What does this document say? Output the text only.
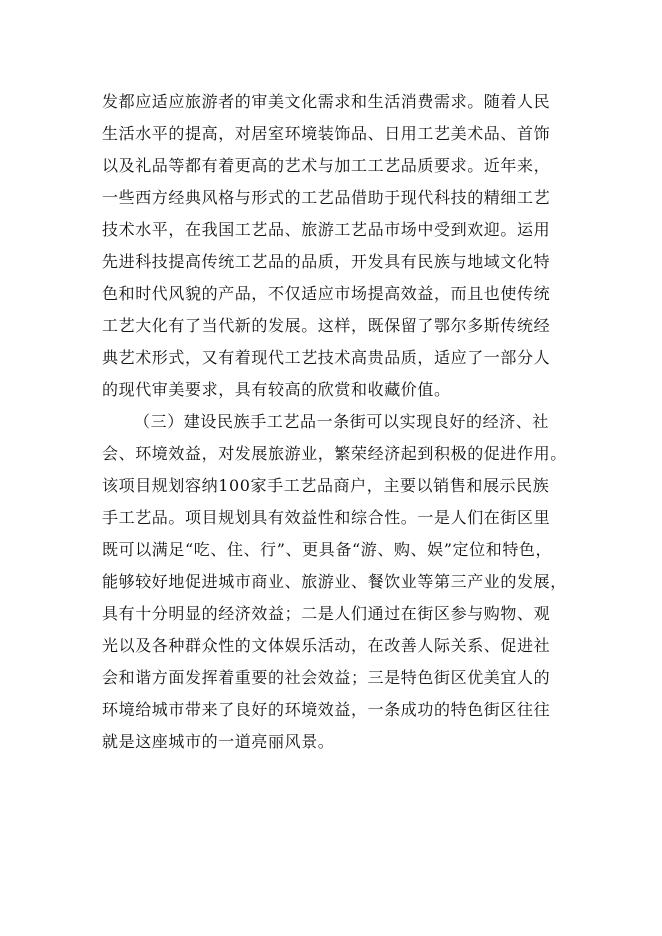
发都应适应旅游者的审美文化需求和生活消费需求。随着人民
生活水平的提高，对居室环境装饰品、日用工艺美术品、首饰
以及礼品等都有着更高的艺术与加工工艺品质要求。近年来，
一些西方经典风格与形式的工艺品借助于现代科技的精细工艺
技术水平，在我国工艺品、旅游工艺品市场中受到欢迎。运用
先进科技提高传统工艺品的品质，开发具有民族与地域文化特
色和时代风貌的产品，不仅适应市场提高效益，而且也使传统
工艺大化有了当代新的发展。这样，既保留了鄂尔多斯传统经
典艺术形式，又有着现代工艺技术高贵品质，适应了一部分人
的现代审美要求，具有较高的欣赏和收藏价值。
（三）建设民族手工艺品一条街可以实现良好的经济、社
会、环境效益，对发展旅游业，繁荣经济起到积极的促进作用。
该项目规划容纳100家手工艺品商户，主要以销售和展示民族
手工艺品。项目规划具有效益性和综合性。一是人们在街区里
既可以满足“吃、住、行”、更具备“游、购、娱”定位和特色，
能够较好地促进城市商业、旅游业、餐饮业等第三产业的发展，
具有十分明显的经济效益；二是人们通过在街区参与购物、观
光以及各种群众性的文体娱乐活动，在改善人际关系、促进社
会和谐方面发挥着重要的社会效益；三是特色街区优美宜人的
环境给城市带来了良好的环境效益，一条成功的特色街区往往
就是这座城市的一道亮丽风景。
